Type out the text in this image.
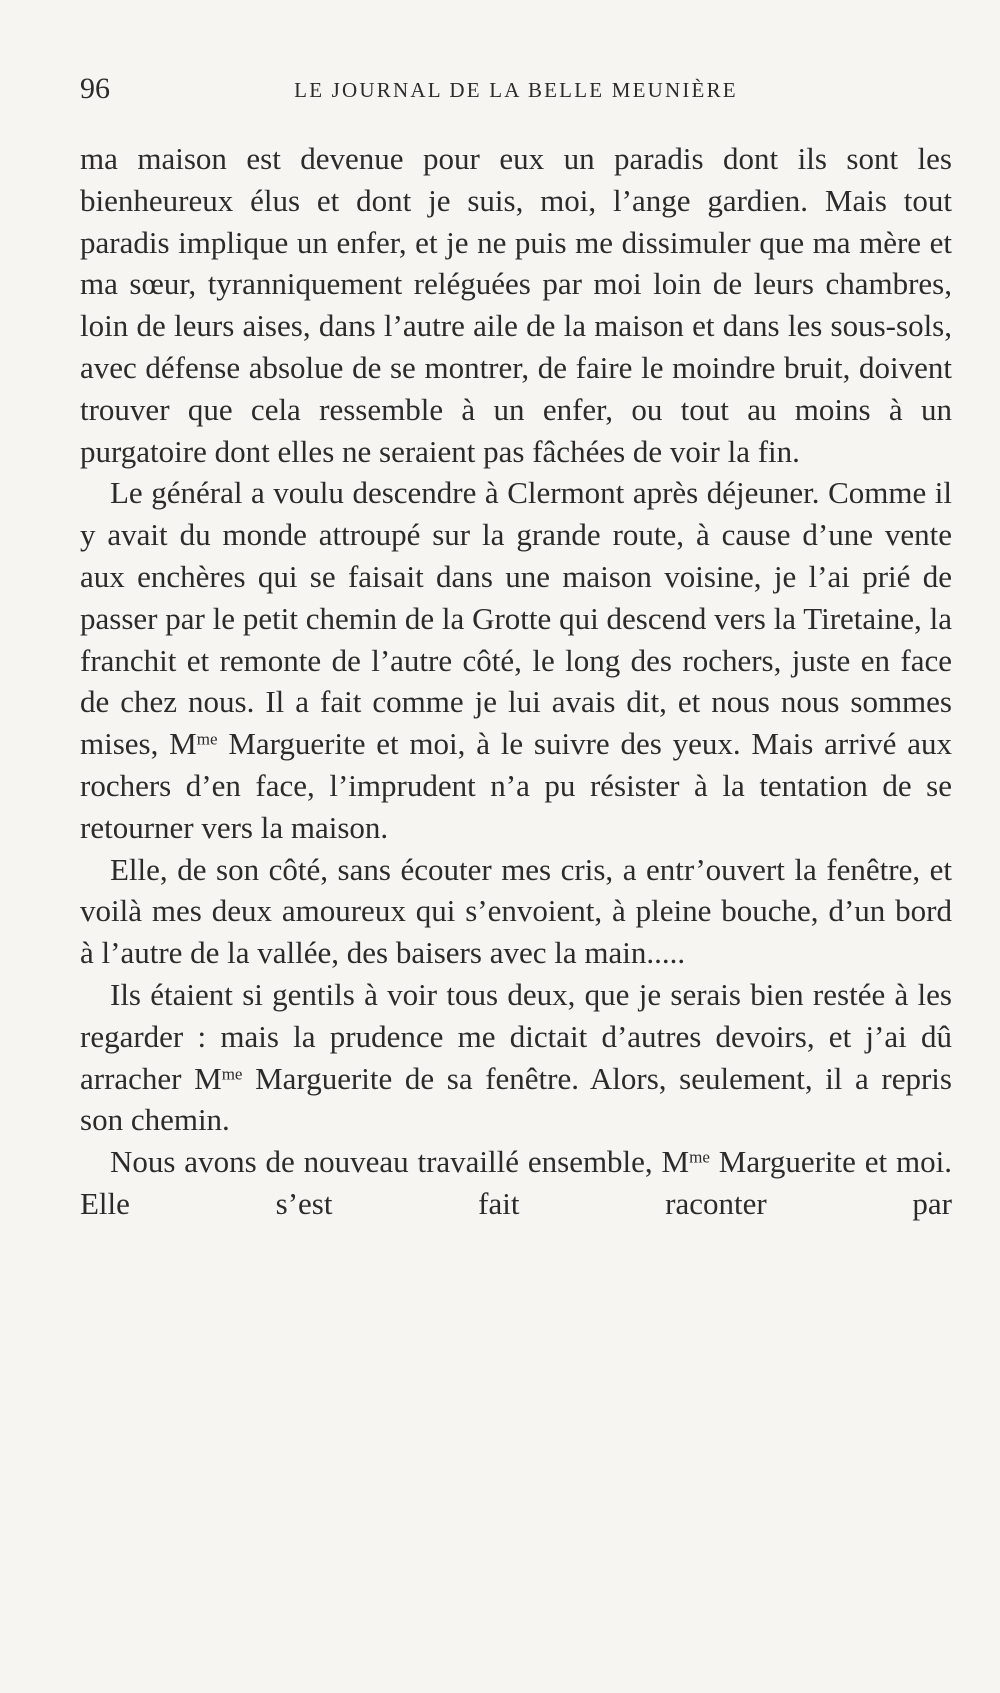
96	LE JOURNAL DE LA BELLE MEUNIÈRE

ma maison est devenue pour eux un paradis dont ils sont les bienheureux élus et dont je suis, moi, l’ange gardien. Mais tout paradis implique un enfer, et je ne puis me dissimuler que ma mère et ma sœur, tyranniquement reléguées par moi loin de leurs chambres, loin de leurs aises, dans l’autre aile de la maison et dans les sous-sols, avec défense absolue de se montrer, de faire le moindre bruit, doivent trouver que cela ressemble à un enfer, ou tout au moins à un purgatoire dont elles ne seraient pas fâchées de voir la fin.

Le général a voulu descendre à Clermont après déjeuner. Comme il y avait du monde attroupé sur la grande route, à cause d’une vente aux enchères qui se faisait dans une maison voisine, je l’ai prié de passer par le petit chemin de la Grotte qui descend vers la Tiretaine, la franchit et remonte de l’autre côté, le long des rochers, juste en face de chez nous. Il a fait comme je lui avais dit, et nous nous sommes mises, $M^{me}$ Marguerite et moi, à le suivre des yeux. Mais arrivé aux rochers d’en face, l’imprudent n’a pu résister à la tentation de se retourner vers la maison.

Elle, de son côté, sans écouter mes cris, a entr’ouvert la fenêtre, et voilà mes deux amoureux qui s’envoient, à pleine bouche, d’un bord à l’autre de la vallée, des baisers avec la main.....

Ils étaient si gentils à voir tous deux, que je serais bien restée à les regarder : mais la prudence me dictait d’autres devoirs, et j’ai dû arracher $M^{me}$ Marguerite de sa fenêtre. Alors, seulement, il a repris son chemin.

Nous avons de nouveau travaillé ensemble, $M^{me}$ Marguerite et moi. Elle s’est fait raconter par
